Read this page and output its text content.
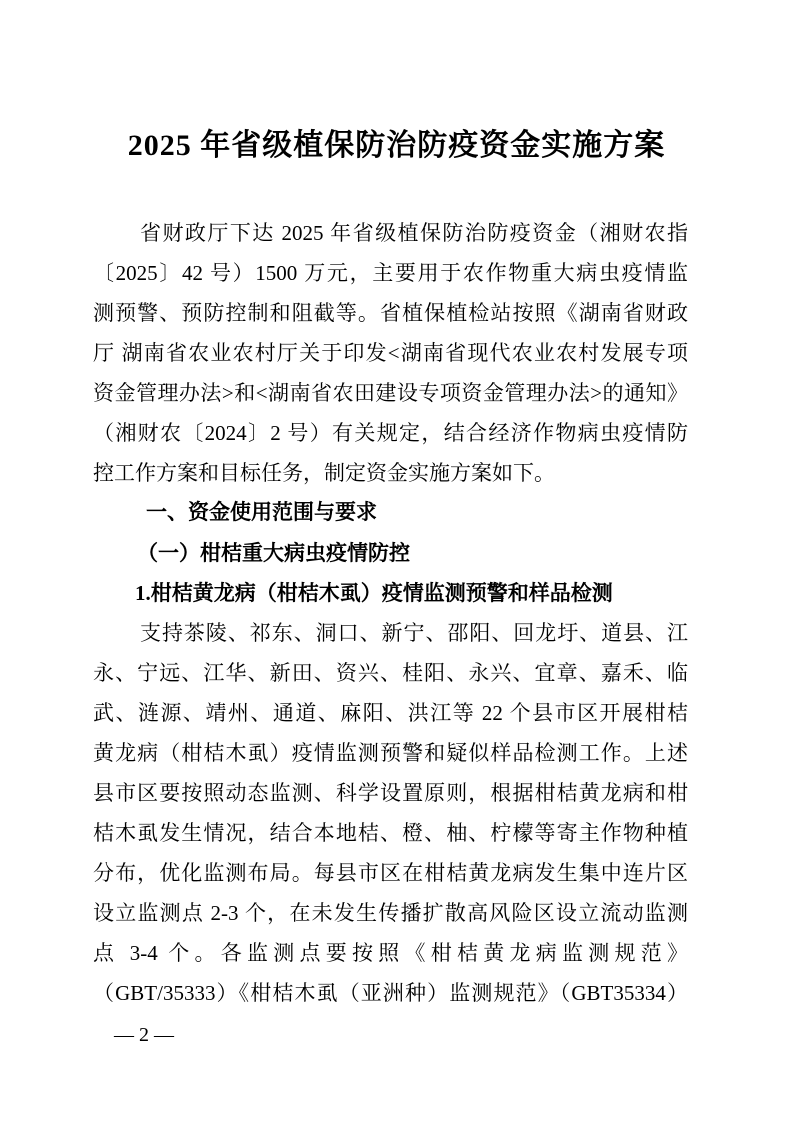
2025 年省级植保防治防疫资金实施方案
省财政厅下达 2025 年省级植保防治防疫资金（湘财农指
〔2025〕42 号）1500 万元，主要用于农作物重大病虫疫情监
测预警、预防控制和阻截等。省植保植检站按照《湖南省财政
厅 湖南省农业农村厅关于印发<湖南省现代农业农村发展专项
资金管理办法>和<湖南省农田建设专项资金管理办法>的通知》
（湘财农〔2024〕2 号）有关规定，结合经济作物病虫疫情防
控工作方案和目标任务，制定资金实施方案如下。
一、资金使用范围与要求
（一）柑桔重大病虫疫情防控
1.柑桔黄龙病（柑桔木虱）疫情监测预警和样品检测
支持茶陵、祁东、洞口、新宁、邵阳、回龙圩、道县、江
永、宁远、江华、新田、资兴、桂阳、永兴、宜章、嘉禾、临
武、涟源、靖州、通道、麻阳、洪江等 22 个县市区开展柑桔
黄龙病（柑桔木虱）疫情监测预警和疑似样品检测工作。上述
县市区要按照动态监测、科学设置原则，根据柑桔黄龙病和柑
桔木虱发生情况，结合本地桔、橙、柚、柠檬等寄主作物种植
分布，优化监测布局。每县市区在柑桔黄龙病发生集中连片区
设立监测点 2-3 个，在未发生传播扩散高风险区设立流动监测
点 3-4 个。各监测点要按照《柑桔黄龙病监测规范》
（GBT/35333）《柑桔木虱（亚洲种）监测规范》（GBT35334）
— 2 —
